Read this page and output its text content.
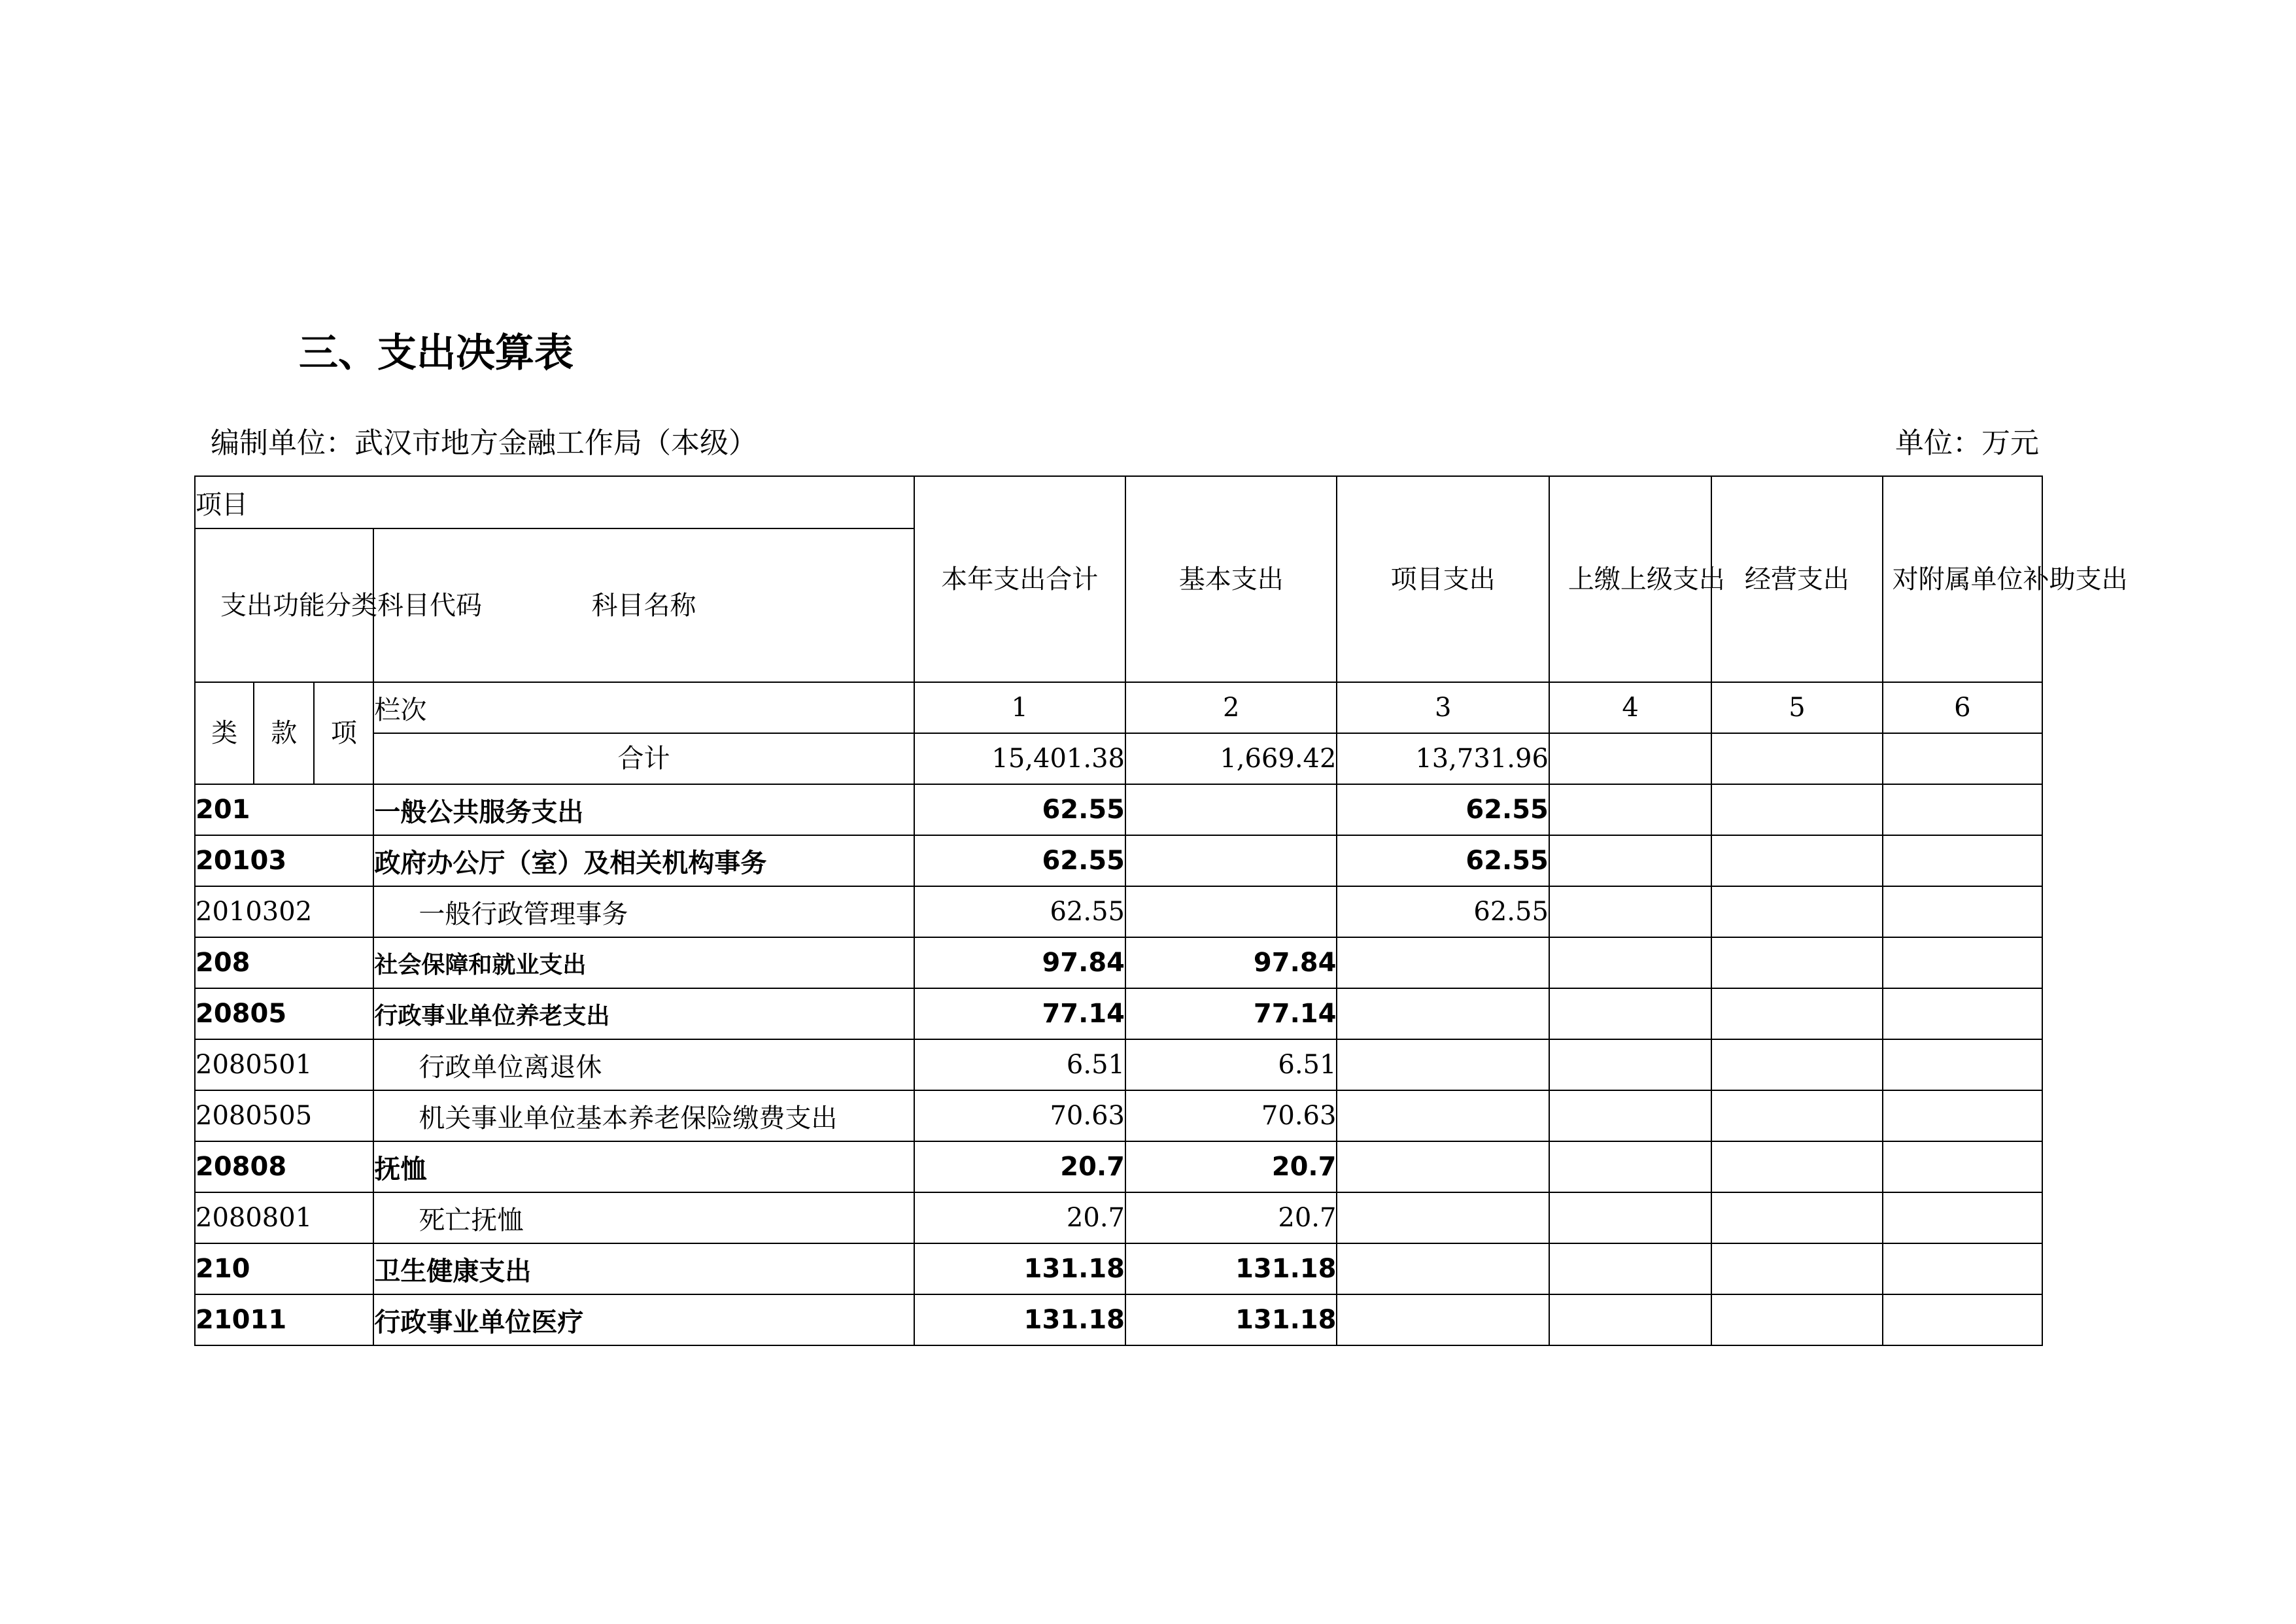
三、支出决算表
编制单位：武汉市地方金融工作局（本级）	单位：万元
项目				本年支出合计	基本支出	项目支出	上缴上级支出	经营支出	对附属单位补助支出
支出功能分类科目代码			科目名称						
类	款	项	栏次	1	2	3	4	5	6
			合计	15,401.38	1,669.42	13,731.96			
201			一般公共服务支出	62.55		62.55			
20103			政府办公厅（室）及相关机构事务	62.55		62.55			
2010302			一般行政管理事务	62.55		62.55			
208			社会保障和就业支出	97.84	97.84				
20805			行政事业单位养老支出	77.14	77.14				
2080501			行政单位离退休	6.51	6.51				
2080505			机关事业单位基本养老保险缴费支出	70.63	70.63				
20808			抚恤	20.7	20.7				
2080801			死亡抚恤	20.7	20.7				
210			卫生健康支出	131.18	131.18				
21011			行政事业单位医疗	131.18	131.18				
